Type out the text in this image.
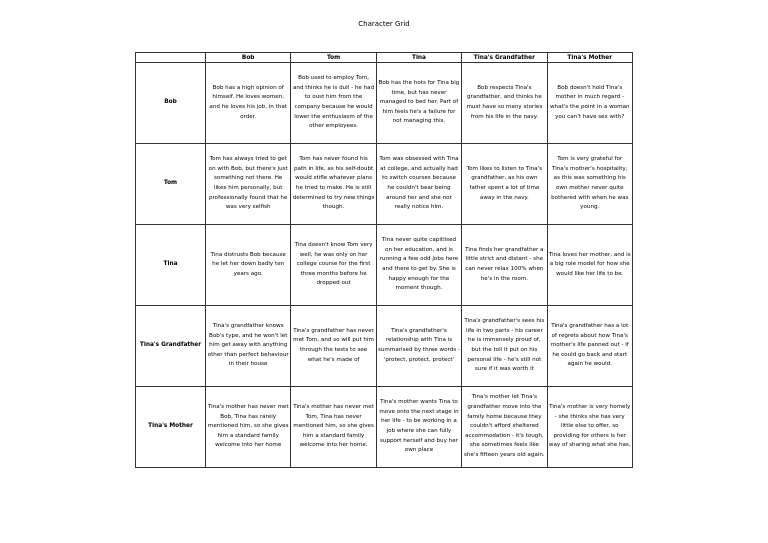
Character Grid
	Bob	Tom	Tina	Tina's Grandfather	Tina's Mother
Bob	Bob has a high opinion of himself. He loves women, and he loves his job, in that order.	Bob used to employ Tom, and thinks he is dull - he had to oust him from the company because he would lower the enthusiasm of the other employees.	Bob has the hots for Tina big time, but has never managed to bed her. Part of him feels he's a failure for not managing this.	Bob respects Tina's grandfather, and thinks he must have so many stories from his life in the navy.	Bob doesn't hold Tina's mother in much regard - what's the point in a woman you can't have sex with?
Tom	Tom has always tried to get on with Bob, but there's just something not there. He likes him personally, but professionally found that he was very selfish	Tom has never found his path in life, as his self-doubt would stifle whatever plans he tried to make. He is still determined to try new things though.	Tom was obsessed with Tina at college, and actually had to switch courses because he couldn't bear being around her and she not really notice him.	Tom likes to listen to Tina's grandfather, as his own father spent a lot of time away in the navy.	Tom is very grateful for Tina's mother's hospitality, as this was something his own mother never quite bothered with when he was young.
Tina	Tina distrusts Bob because he let her down badly ten years ago.	Tina doesn't know Tom very well, he was only on her college course for the first three months before he dropped out	Tina never quite capitlised on her education, and is running a few odd jobs here and there to get by. She is happy enough for the moment though.	Tina finds her grandfather a little strict and distant - she can never relax 100% when he's in the room.	Tina loves her mother, and is a big role model for how she would like her life to be.
Tina's Grandfather	Tina's grandfather knows Bob's type, and he won't let him get away with anything other than perfect behaviour in their house	Tina's grandfather has never met Tom, and so will put him through the tests to see what he's made of	Tina's grandfather's relationship with Tina is summarised by three words - 'protect, protect, protect'	Tina's grandfather's sees his life in two parts - his career he is immensely proud of, but the toll it put on his personal life - he's still not sure if it was worth it	Tina's grandfather has a lot of regrets about how Tina's mother's life panned out - if he could go back and start again he would.
Tina's Mother	Tina's mother has never met Bob, Tina has rarely mentioned him, so she gives him a standard family welcome into her home	Tina's mother has never met Tom, Tina has never mentioned him, so she gives him a standard family welcome into her home.	Tina's mother wants Tina to move onto the next stage in her life - to be working in a job where she can fully support herself and buy her own place	Tina's mother let Tina's grandfather move into the family home because they couldn't afford sheltered accommodation - it's tough, she sometimes feels like she's fifteen years old again.	Tina's mother is very homely - she thinks she has very little else to offer, so providing for others is her way of sharing what she has.
